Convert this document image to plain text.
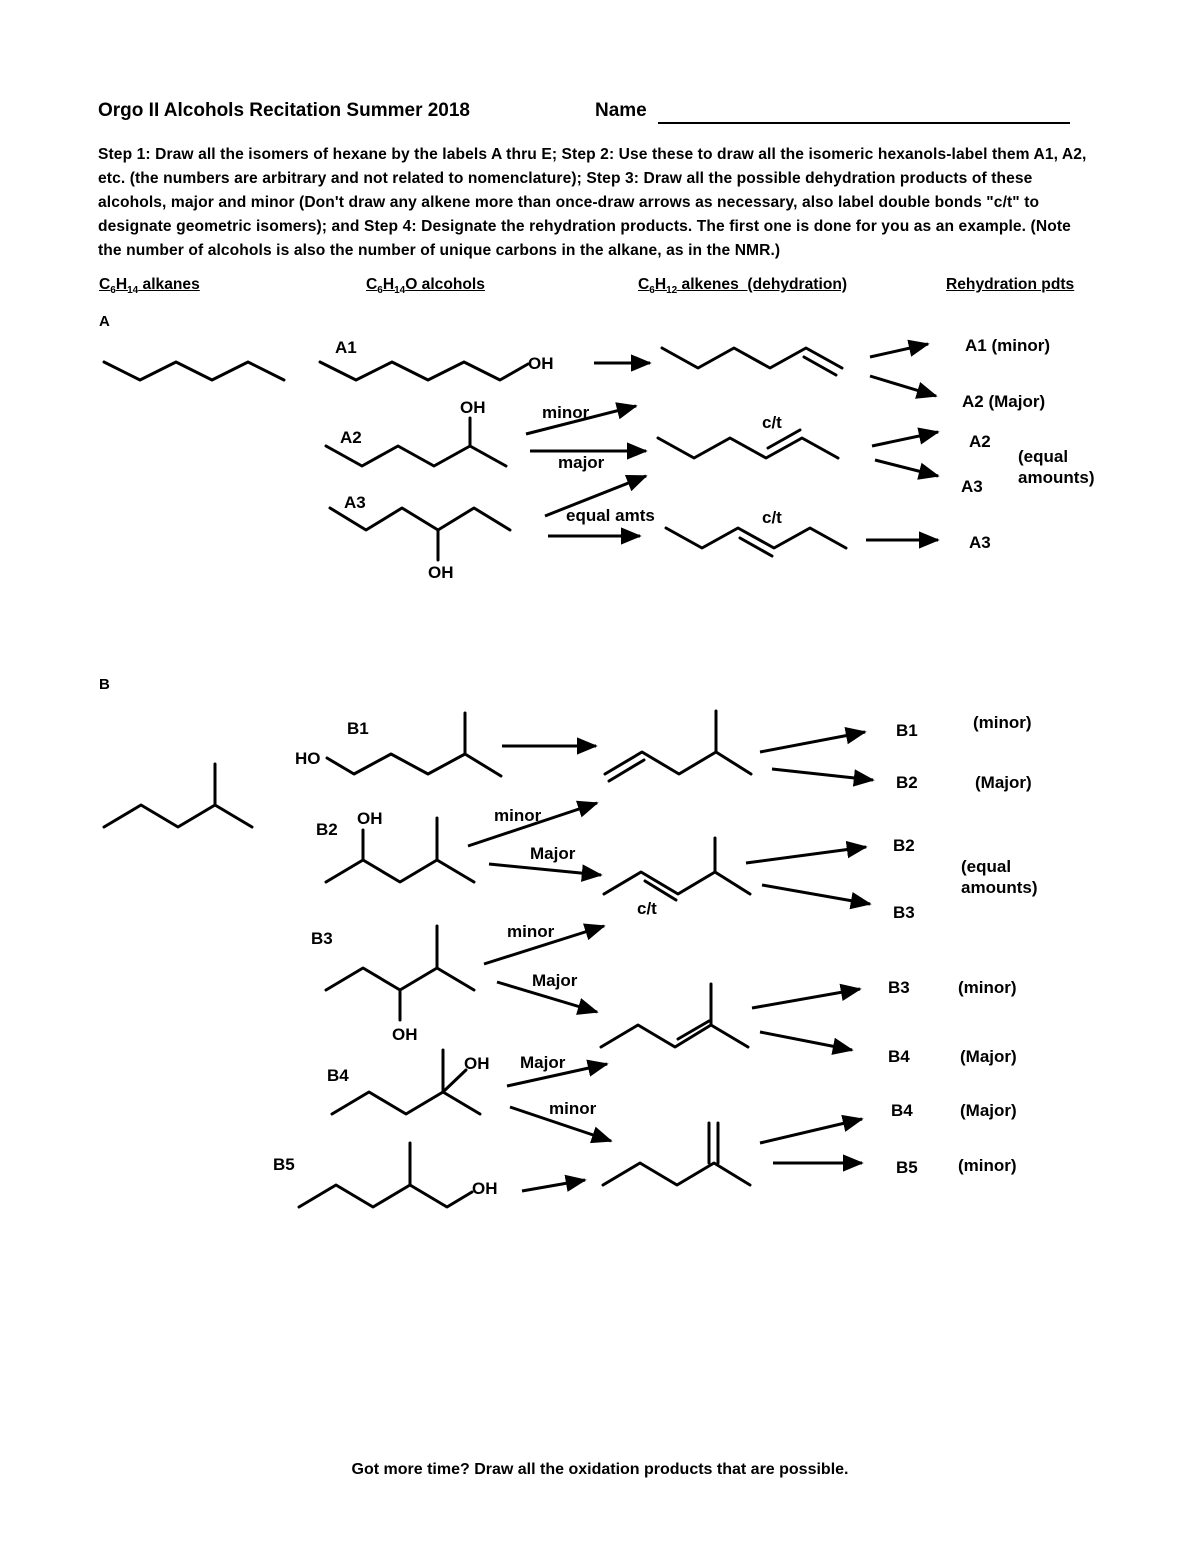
Orgo II Alcohols Recitation Summer 2018	Name
Step 1: Draw all the isomers of hexane by the labels A thru E; Step 2: Use these to draw all the isomeric hexanols-label them A1, A2, etc. (the numbers are arbitrary and not related to nomenclature); Step 3: Draw all the possible dehydration products of these alcohols, major and minor (Don't draw any alkene more than once-draw arrows as necessary, also label double bonds "c/t" to designate geometric isomers); and Step 4: Designate the rehydration products. The first one is done for you as an example. (Note the number of alcohols is also the number of unique carbons in the alkane, as in the NMR.)
$C_6H_{14}$ alkanes	$C_6H_{14}O$ alcohols	$C_6H_{12}$ alkenes  (dehydration)	Rehydration pdts
A
B
A1
OH
A2
OH
A3
OH
minor
major
equal amts
c/t
c/t
A1 (minor)
A2 (Major)
A2
A3
A3
(equal
amounts)
B1
HO
B2
OH
B3
OH
B4
OH
B5
OH
minor
Major
minor
Major
Major
minor
c/t
B1
B2
B2
B3
B3
B4
B4
B5
(minor)
(Major)
(equal
amounts)
(minor)
(Major)
(Major)
(minor)
Got more time? Draw all the oxidation products that are possible.
